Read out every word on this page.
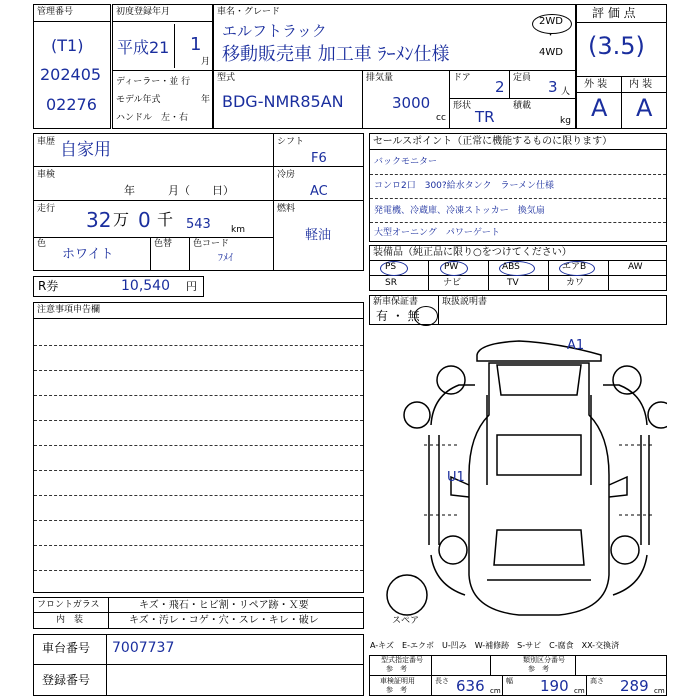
管理番号
(T1)
202405
02276
初度登録年月
平成21 1
月
ディーラー・並 行
モデル年式	年
ハンドル　左・右
車名・グレード
エルフトラック
移動販売車 加工車 ﾗｰﾒﾝ仕様
2WD
・
4WD
型式
BDG-NMR85AN
排気量
3000
cc
ドア 2 定員 3 人
形状
TR
積載
kg
評 価 点
(3.5)
外 装 内 装
A A
車歴 自家用
車検
年　　　月（　　日）
走行 32 万 0 千 543 km
色
ホワイト
色替 色コード
ﾌﾒｲ
シフト
F6
冷房
AC
燃料
軽油
R券	10,540 円
注意事項申告欄
セールスポイント（正常に機能するものに限ります）
バックモニター
コンロ2口　300?給水タンク　ラーメン仕様
発電機、冷蔵庫、冷凍ストッカー　換気扇
大型オーニング　パワーゲート
装備品（純正品に限り○をつけてください）
PS	PW	ABS	エアB	AW
SR	ナビ	TV	カワ
新車保証書
有 ・ 無
取扱説明書
A1
U1
スペア
フロントガラス	キズ・飛石・ヒビ割・リペア跡・Ｘ要
内　装	キズ・汚レ・コゲ・穴・スレ・キレ・破レ
車台番号 7007737
登録番号
A-キズ　E-エクボ　U-凹み　W-補修跡　S-サビ　C-腐食　XX-交換済
型式指定番号
参　考
類別区分番号
参　考
車検証明用
参　考
長さ 636 cm
幅 190 cm
高さ 289 cm
